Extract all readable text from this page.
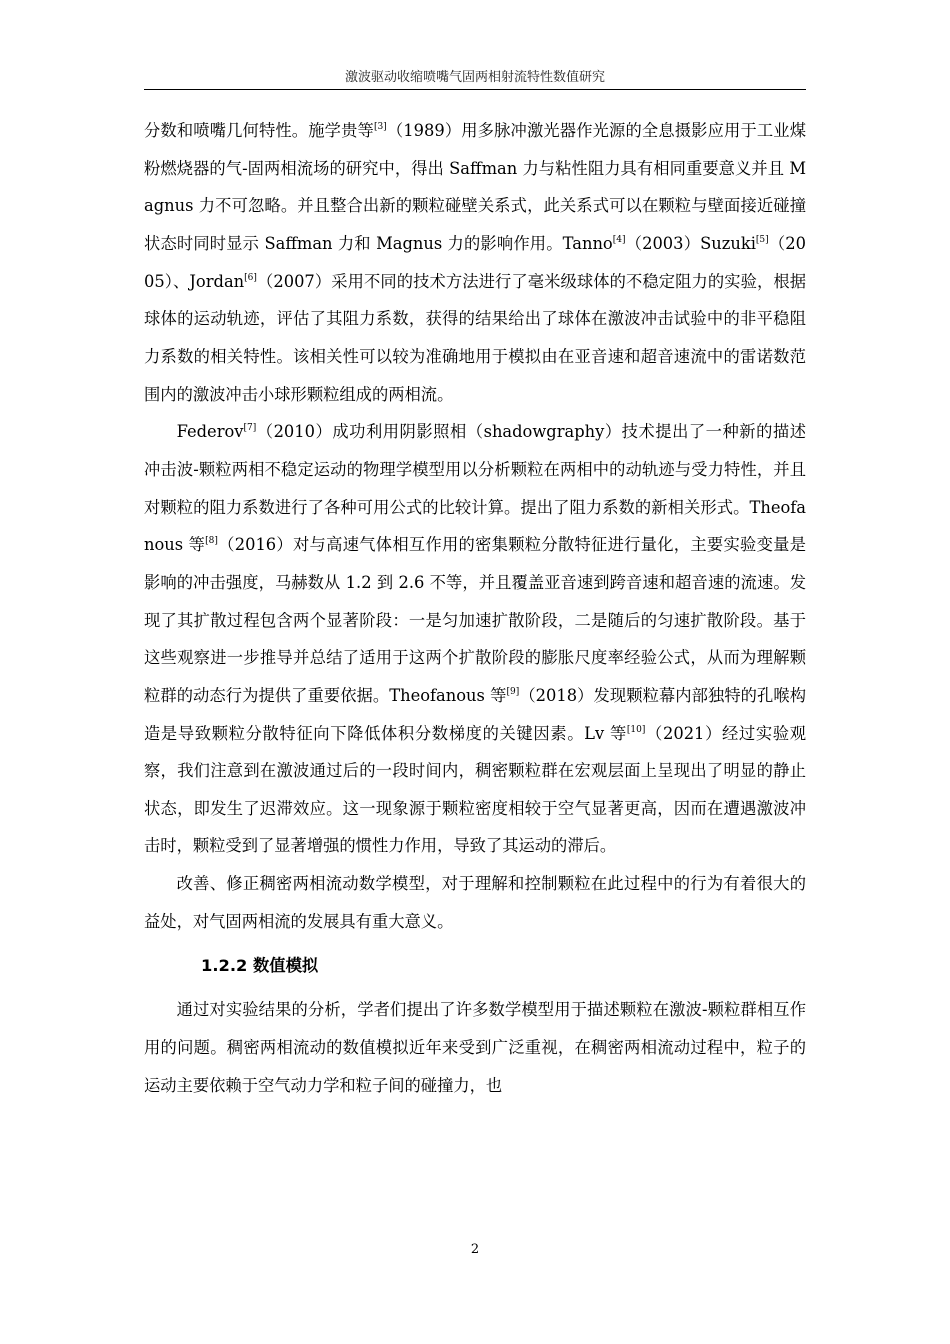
激波驱动收缩喷嘴气固两相射流特性数值研究

分数和喷嘴几何特性。施学贵等[3]（1989）用多脉冲激光器作光源的全息摄影应用于工业煤粉燃烧器的气-固两相流场的研究中，得出 Saffman 力与粘性阻力具有相同重要意义并且 Magnus 力不可忽略。并且整合出新的颗粒碰壁关系式，此关系式可以在颗粒与壁面接近碰撞状态时同时显示 Saffman 力和 Magnus 力的影响作用。Tanno[4]（2003）Suzuki[5]（2005）、Jordan[6]（2007）采用不同的技术方法进行了毫米级球体的不稳定阻力的实验，根据球体的运动轨迹，评估了其阻力系数，获得的结果给出了球体在激波冲击试验中的非平稳阻力系数的相关特性。该相关性可以较为准确地用于模拟由在亚音速和超音速流中的雷诺数范围内的激波冲击小球形颗粒组成的两相流。

Federov[7]（2010）成功利用阴影照相（shadowgraphy）技术提出了一种新的描述冲击波-颗粒两相不稳定运动的物理学模型用以分析颗粒在两相中的动轨迹与受力特性，并且对颗粒的阻力系数进行了各种可用公式的比较计算。提出了阻力系数的新相关形式。Theofanous 等[8]（2016）对与高速气体相互作用的密集颗粒分散特征进行量化，主要实验变量是影响的冲击强度，马赫数从 1.2 到 2.6 不等，并且覆盖亚音速到跨音速和超音速的流速。发现了其扩散过程包含两个显著阶段：一是匀加速扩散阶段，二是随后的匀速扩散阶段。基于这些观察进一步推导并总结了适用于这两个扩散阶段的膨胀尺度率经验公式，从而为理解颗粒群的动态行为提供了重要依据。Theofanous 等[9]（2018）发现颗粒幕内部独特的孔喉构造是导致颗粒分散特征向下降低体积分数梯度的关键因素。Lv 等[10]（2021）经过实验观察，我们注意到在激波通过后的一段时间内，稠密颗粒群在宏观层面上呈现出了明显的静止状态，即发生了迟滞效应。这一现象源于颗粒密度相较于空气显著更高，因而在遭遇激波冲击时，颗粒受到了显著增强的惯性力作用，导致了其运动的滞后。

改善、修正稠密两相流动数学模型，对于理解和控制颗粒在此过程中的行为有着很大的益处，对气固两相流的发展具有重大意义。

1.2.2 数值模拟

通过对实验结果的分析，学者们提出了许多数学模型用于描述颗粒在激波-颗粒群相互作用的问题。稠密两相流动的数值模拟近年来受到广泛重视，在稠密两相流动过程中，粒子的运动主要依赖于空气动力学和粒子间的碰撞力，也

2
